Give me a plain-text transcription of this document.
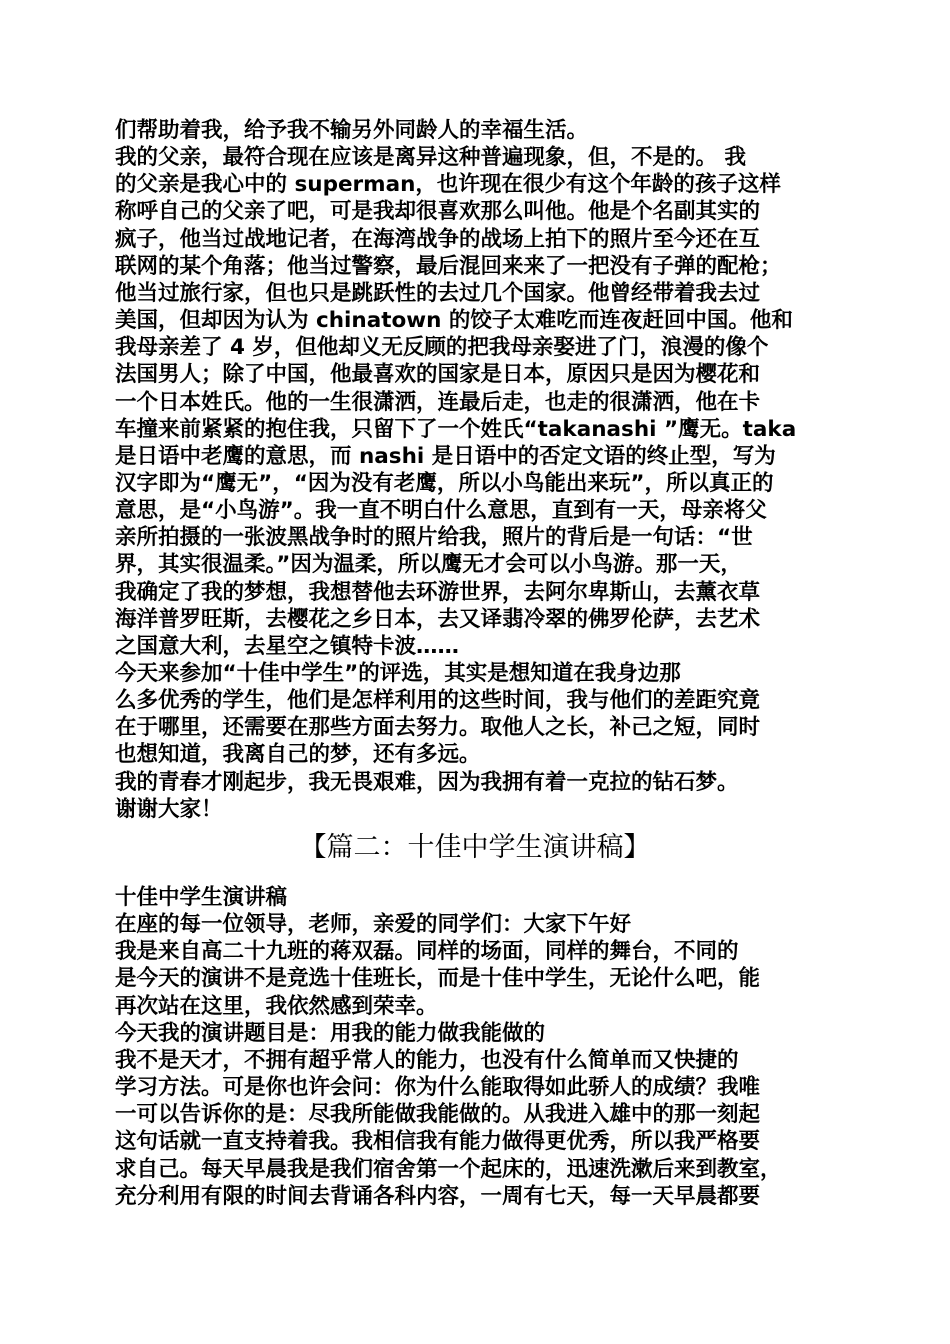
们帮助着我，给予我不输另外同龄人的幸福生活。
我的父亲，最符合现在应该是离异这种普遍现象，但，不是的。 我
的父亲是我心中的 superman，也许现在很少有这个年龄的孩子这样
称呼自己的父亲了吧，可是我却很喜欢那么叫他。他是个名副其实的
疯子，他当过战地记者，在海湾战争的战场上拍下的照片至今还在互
联网的某个角落；他当过警察，最后混回来来了一把没有子弹的配枪；
他当过旅行家，但也只是跳跃性的去过几个国家。他曾经带着我去过
美国，但却因为认为 chinatown 的饺子太难吃而连夜赶回中国。他和
我母亲差了 4 岁，但他却义无反顾的把我母亲娶进了门，浪漫的像个
法国男人；除了中国，他最喜欢的国家是日本，原因只是因为樱花和
一个日本姓氏。他的一生很潇洒，连最后走，也走的很潇洒，他在卡
车撞来前紧紧的抱住我，只留下了一个姓氏“takanashi ”鹰无。taka
是日语中老鹰的意思，而 nashi 是日语中的否定文语的终止型，写为
汉字即为“鹰无”，“因为没有老鹰，所以小鸟能出来玩”，所以真正的
意思，是“小鸟游”。我一直不明白什么意思，直到有一天，母亲将父
亲所拍摄的一张波黑战争时的照片给我，照片的背后是一句话：“世
界，其实很温柔。”因为温柔，所以鹰无才会可以小鸟游。那一天，
我确定了我的梦想，我想替他去环游世界，去阿尔卑斯山，去薰衣草
海洋普罗旺斯，去樱花之乡日本，去又译翡冷翠的佛罗伦萨，去艺术
之国意大利，去星空之镇特卡波……
今天来参加“十佳中学生”的评选，其实是想知道在我身边那
么多优秀的学生，他们是怎样利用的这些时间，我与他们的差距究竟
在于哪里，还需要在那些方面去努力。取他人之长，补己之短，同时
也想知道，我离自己的梦，还有多远。
我的青春才刚起步，我无畏艰难，因为我拥有着一克拉的钻石梦。
谢谢大家！
【篇二：十佳中学生演讲稿】
十佳中学生演讲稿
在座的每一位领导，老师，亲爱的同学们：大家下午好
我是来自高二十九班的蒋双磊。同样的场面，同样的舞台，不同的
是今天的演讲不是竞选十佳班长，而是十佳中学生，无论什么吧，能
再次站在这里，我依然感到荣幸。
今天我的演讲题目是：用我的能力做我能做的
我不是天才，不拥有超乎常人的能力，也没有什么简单而又快捷的
学习方法。可是你也许会问：你为什么能取得如此骄人的成绩？我唯
一可以告诉你的是：尽我所能做我能做的。从我进入雄中的那一刻起
这句话就一直支持着我。我相信我有能力做得更优秀，所以我严格要
求自己。每天早晨我是我们宿舍第一个起床的，迅速洗漱后来到教室，
充分利用有限的时间去背诵各科内容，一周有七天，每一天早晨都要
